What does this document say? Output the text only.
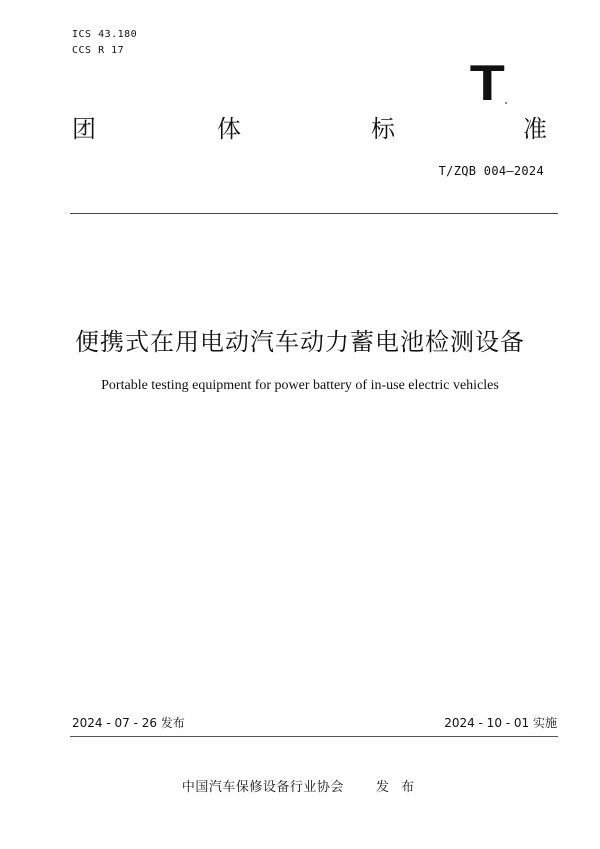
ICS 43.180
CCS R 17
T
团	体	标	准
T/ZQB 004—2024
便携式在用电动汽车动力蓄电池检测设备
Portable testing equipment for power battery of in-use electric vehicles
2024 - 07 - 26 发布	2024 - 10 - 01 实施
中国汽车保修设备行业协会 发 布
